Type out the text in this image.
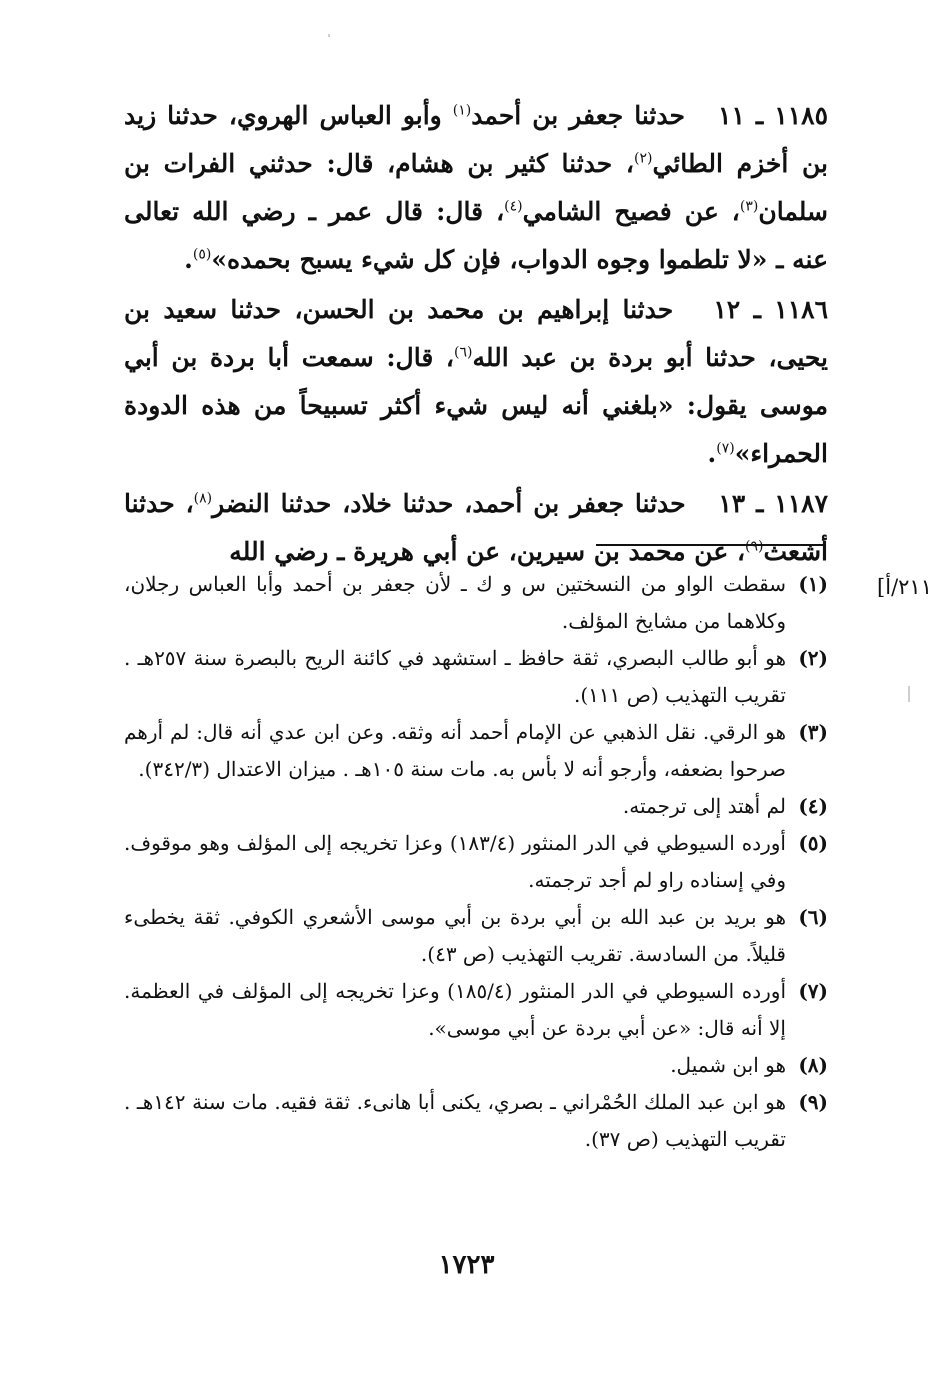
١١٨٥ ـ ١١   حدثنا جعفر بن أحمد$^{(١)}$ وأبو العباس الهروي، حدثنا زيد بن أخزم الطائي$^{(٢)}$، حدثنا كثير بن هشام، قال: حدثني الفرات بن سلمان$^{(٣)}$، عن فصيح الشامي$^{(٤)}$، قال: قال عمر ـ رضي الله تعالى عنه ـ «لا تلطموا وجوه الدواب، فإن كل شيء يسبح بحمده»$^{(٥)}$.

١١٨٦ ـ ١٢   حدثنا إبراهيم بن محمد بن الحسن، حدثنا سعيد بن يحيى، حدثنا أبو بردة بن عبد الله$^{(٦)}$، قال: سمعت أبا بردة بن أبي موسى يقول: «بلغني أنه ليس شيء أكثر تسبيحاً من هذه الدودة الحمراء»$^{(٧)}$.

١١٨٧ ـ ١٣   حدثنا جعفر بن أحمد، حدثنا خلاد، حدثنا النضر$^{(٨)}$، حدثنا أشعث$^{(٩)}$، عن محمد بن سيرين، عن أبي هريرة ـ رضي الله

٢١١/أ]
(١)
سقطت الواو من النسختين س و ك ـ لأن جعفر بن أحمد وأبا العباس رجلان، وكلاهما من مشايخ المؤلف.
(٢)
هو أبو طالب البصري، ثقة حافظ ـ استشهد في كائنة الريح بالبصرة سنة ٢٥٧هـ . تقريب التهذيب (ص ١١١).
(٣)
هو الرقي. نقل الذهبي عن الإمام أحمد أنه وثقه. وعن ابن عدي أنه قال: لم أرهم صرحوا بضعفه، وأرجو أنه لا بأس به. مات سنة ١٠٥هـ . ميزان الاعتدال (٣٤٢/٣).
(٤)
لم أهتد إلى ترجمته.
(٥)
أورده السيوطي في الدر المنثور (١٨٣/٤) وعزا تخريجه إلى المؤلف وهو موقوف. وفي إسناده راو لم أجد ترجمته.
(٦)
هو بريد بن عبد الله بن أبي بردة بن أبي موسى الأشعري الكوفي. ثقة يخطىء قليلاً. من السادسة. تقريب التهذيب (ص ٤٣).
(٧)
أورده السيوطي في الدر المنثور (١٨٥/٤) وعزا تخريجه إلى المؤلف في العظمة. إلا أنه قال: «عن أبي بردة عن أبي موسى».
(٨)
هو ابن شميل.
(٩)
هو ابن عبد الملك الحُمْراني ـ بصري، يكنى أبا هانىء. ثقة فقيه. مات سنة ١٤٢هـ . تقريب التهذيب (ص ٣٧).
١٧٢٣
